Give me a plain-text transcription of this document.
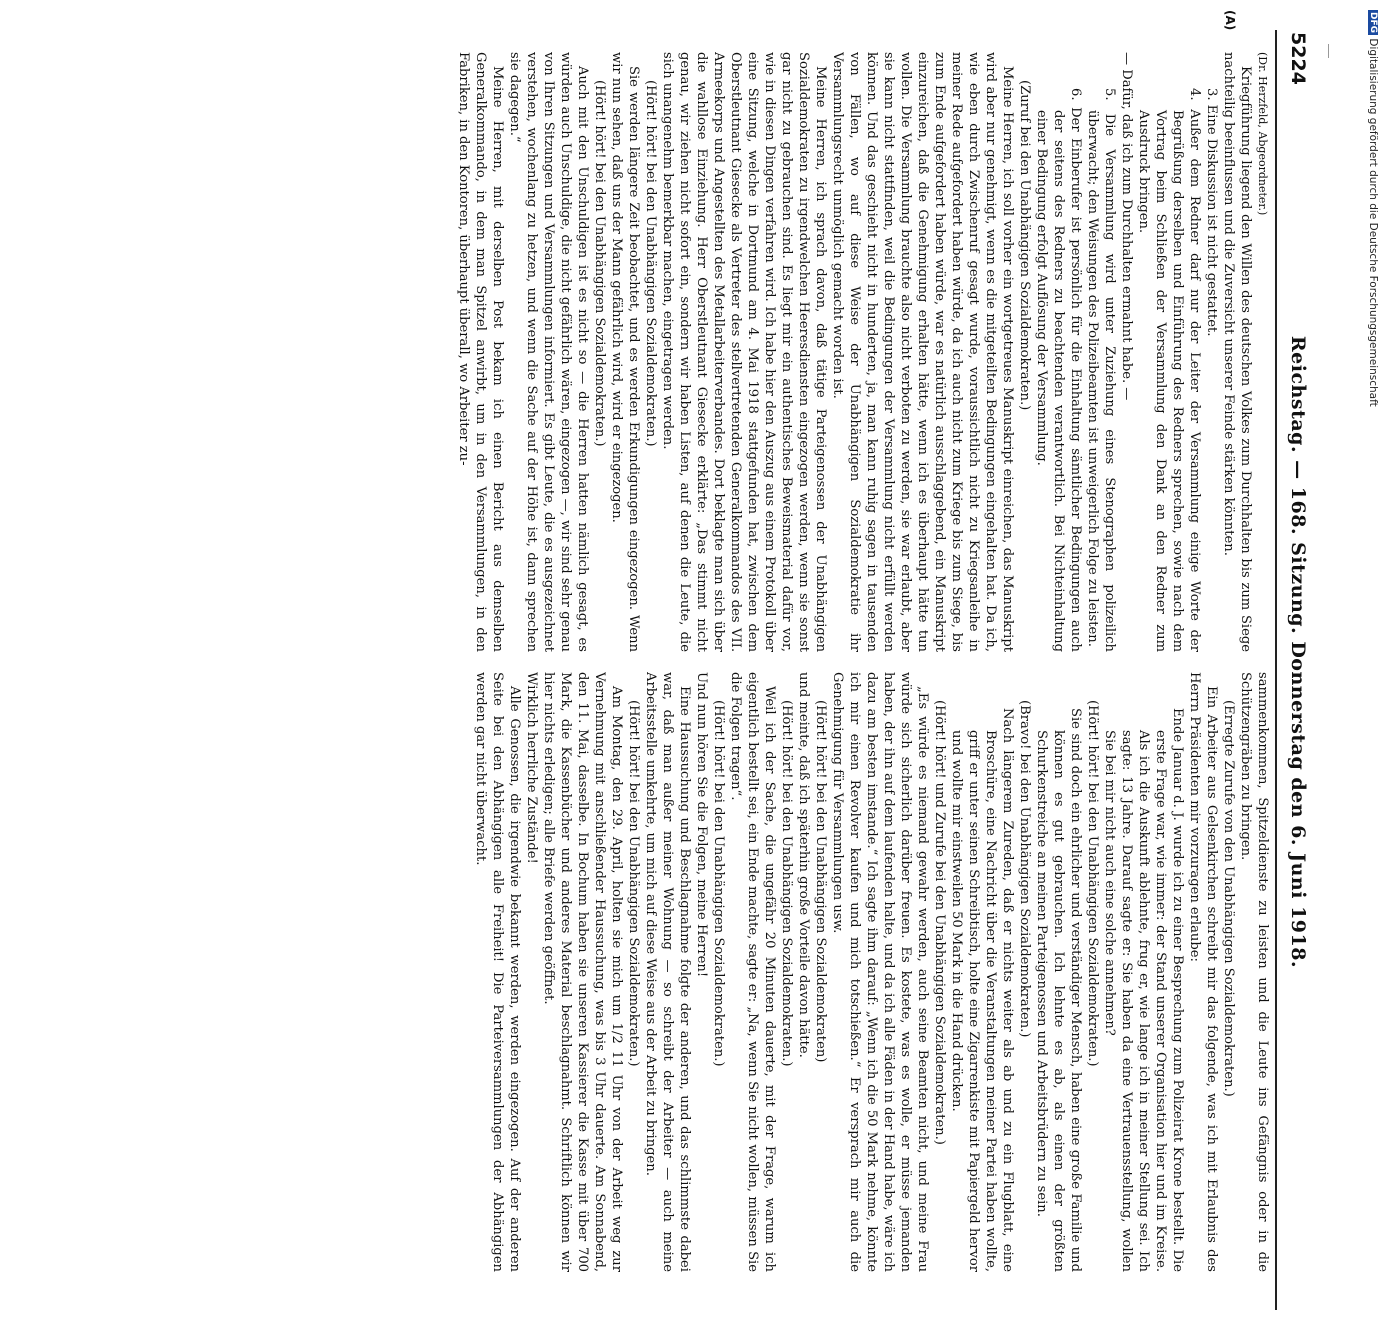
5224
Reichstag. — 168. Sitzung. Donnerstag den 6. Juni 1918.
(A)

(Dr. Herzfeld, Abgeordneter.)

Kriegführung liegend den Willen des deutschen Volkes zum Durchhalten bis zum Siege nachteilig beeinflussen und die Zuversicht unserer Feinde stärken könnten.

3. Eine Diskussion ist nicht gestattet.

4. Außer dem Redner darf nur der Leiter der Versammlung einige Worte der Begrüßung derselben und Einführung des Redners sprechen, sowie nach dem Vortrag beim Schließen der Versammlung den Dank an den Redner zum Ausdruck bringen.

— Dafür, daß ich zum Durchhalten ermahnt habe. —

5. Die Versammlung wird unter Zuziehung eines Stenographen polizeilich überwacht; den Weisungen des Polizeibeamten ist unweigerlich Folge zu leisten.

6. Der Einberufer ist persönlich für die Einhaltung sämtlicher Bedingungen auch der seitens des Redners zu beachtenden verantwortlich. Bei Nichteinhaltung einer Bedingung erfolgt Auflösung der Versammlung.

(Zuruf bei den Unabhängigen Sozialdemokraten.)

Meine Herren, ich soll vorher ein wortgetreues Manuskript einreichen, das Manuskript wird aber nur genehmigt, wenn es die mitgeteilten Bedingungen eingehalten hat. Da ich, wie eben durch Zwischenruf gesagt wurde, voraussichtlich nicht zu Kriegsanleihe in meiner Rede aufgefordert haben würde, da ich auch nicht zum Kriege bis zum Siege, bis zum Ende aufgefordert haben würde, war es natürlich ausschlaggebend, ein Manuskript einzureichen, daß die Genehmigung erhalten hätte, wenn ich es überhaupt hätte tun wollen. Die Versammlung brauchte also nicht verboten zu werden, sie war erlaubt, aber sie kann nicht stattfinden, weil die Bedingungen der Versammlung nicht erfüllt werden können. Und das geschieht nicht in hunderten, ja, man kann ruhig sagen in tausenden von Fällen, wo auf diese Weise der Unabhängigen Sozialdemokratie ihr Versammlungsrecht unmöglich gemacht worden ist.

Meine Herren, ich sprach davon, daß tätige Parteigenossen der Unabhängigen Sozialdemokraten zu irgendwelchen Heeresdiensten eingezogen werden, wenn sie sonst gar nicht zu gebrauchen sind. Es liegt mir ein authentisches Beweismaterial dafür vor, wie in diesen Dingen verfahren wird. Ich habe hier den Auszug aus einem Protokoll über eine Sitzung, welche in Dortmund am 4. Mai 1918 stattgefunden hat, zwischen dem Oberstleutnant Giesecke als Vertreter des stellvertretenden Generalkommandos des VII. Armeekorps und Angestellten des Metallarbeiterverbandes. Dort beklagte man sich über die wahllose Einziehung. Herr Oberstleutnant Giesecke erklärte: „Das stimmt nicht genau, wir ziehen nicht sofort ein, sondern wir haben Listen, auf denen die Leute, die sich unangenehm bemerkbar machen, eingetragen werden.

(Hört! hört! bei den Unabhängigen Sozialdemokraten.)

Sie werden längere Zeit beobachtet, und es werden Erkundigungen eingezogen. Wenn wir nun sehen, daß uns der Mann gefährlich wird, wird er eingezogen.

(Hört! hört! bei den Unabhängigen Sozialdemokraten.)

Auch mit den Unschuldigen ist es nicht so — die Herren hatten nämlich gesagt, es würden auch Unschuldige, die nicht gefährlich wären, eingezogen —, wir sind sehr genau von Ihren Sitzungen und Versammlungen informiert. Es gibt Leute, die es ausgezeichnet verstehen, wochenlang zu hetzen, und wenn die Sache auf der Höhe ist, dann sprechen sie dagegen.“

Meine Herren, mit derselben Post bekam ich einen Bericht aus demselben Generalkommando, in dem man Spitzel anwirbt, um in den Versammlungen, in den Fabriken, in den Kontoren, überhaupt überall, wo Arbeiter zu-

sammenkommen, Spitzeldienste zu leisten und die Leute ins Gefängnis oder in die Schützengräben zu bringen.

(Erregte Zurufe von den Unabhängigen Sozialdemokraten.)

Ein Arbeiter aus Gelsenkirchen schreibt mir das folgende, was ich mit Erlaubnis des Herrn Präsidenten mir vorzuragen erlaube:

Ende Januar d. J. wurde ich zu einer Besprechung zum Polizeirat Krone bestellt. Die erste Frage war, wie immer: der Stand unserer Organisation hier und im Kreise. Als ich die Auskunft ablehnte, frug er, wie lange ich in meiner Stellung sei. Ich sagte: 13 Jahre. Darauf sagte er: Sie haben da eine Vertrauensstellung, wollen Sie bei mir nicht auch eine solche annehmen?

(Hört! hört! bei den Unabhängigen Sozialdemokraten.)

Sie sind doch ein ehrlicher und verständiger Mensch, haben eine große Familie und können es gut gebrauchen. Ich lehnte es ab, als einen der größten Schurkenstreiche an meinen Parteigenossen und Arbeitsbrüdern zu sein.

(Bravo! bei den Unabhängigen Sozialdemokraten.)

Nach längerem Zureden, daß er nichts weiter als ab und zu ein Flugblatt, eine Broschüre, eine Nachricht über die Veranstaltungen meiner Partei haben wollte, griff er unter seinen Schreibtisch, holte eine Zigarrenkiste mit Papiergeld hervor und wollte mir einstweilen 50 Mark in die Hand drücken.

(Hört! hört! und Zurufe bei den Unabhängigen Sozialdemokraten.)

„Es würde es niemand gewahr werden, auch seine Beamten nicht, und meine Frau würde sich sicherlich darüber freuen. Es kostete, was es wolle, er müsse jemanden haben, der ihn auf dem laufenden halte, und da ich alle Fäden in der Hand habe, wäre ich dazu am besten imstande.“ Ich sagte ihm darauf: „Wenn ich die 50 Mark nehme, könnte ich mir einen Revolver kaufen und mich totschießen.“ Er versprach mir auch die Genehmigung für Versammlungen usw.

(Hört! hört! bei den Unabhängigen Sozialdemokraten)

und meinte, daß ich späterhin große Vorteile davon hätte.

(Hört! hört! bei den Unabhängigen Sozialdemokraten.)

Weil ich der Sache, die ungefähr 20 Minuten dauerte, mit der Frage, warum ich eigentlich bestellt sei, ein Ende machte, sagte er: „Na, wenn Sie nicht wollen, müssen Sie die Folgen tragen“.

(Hört! hört! bei den Unabhängigen Sozialdemokraten.)

Und nun hören Sie die Folgen, meine Herren!

Eine Haussuchung und Beschlagnahme folgte der anderen, und das schlimmste dabei war, daß man außer meiner Wohnung — so schreibt der Arbeiter — auch meine Arbeitsstelle umkehrte, um mich auf diese Weise aus der Arbeit zu bringen.

(Hört! hört! bei den Unabhängigen Sozialdemokraten.)

Am Montag, den 29. April, holten sie mich um 1/2 11 Uhr von der Arbeit weg zur Vernehmung mit anschließender Haussuchung, was bis 3 Uhr dauerte. Am Sonnabend, den 11. Mai, dasselbe. In Bochum haben sie unseren Kassierer die Kasse mit über 700 Mark, die Kassenbücher und anderes Material beschlagnahmt. Schriftlich können wir hier nichts erledigen; alle Briefe werden geöffnet.

Wirklich herrliche Zustände!

Alle Genossen, die irgendwie bekannt werden, werden eingezogen. Auf der anderen Seite bei den Abhängigen alle Freiheit! Die Parteiversammlungen der Abhängigen werden gar nicht überwacht.

DFG Digitalisierung gefördert durch die Deutsche Forschungsgemeinschaft
